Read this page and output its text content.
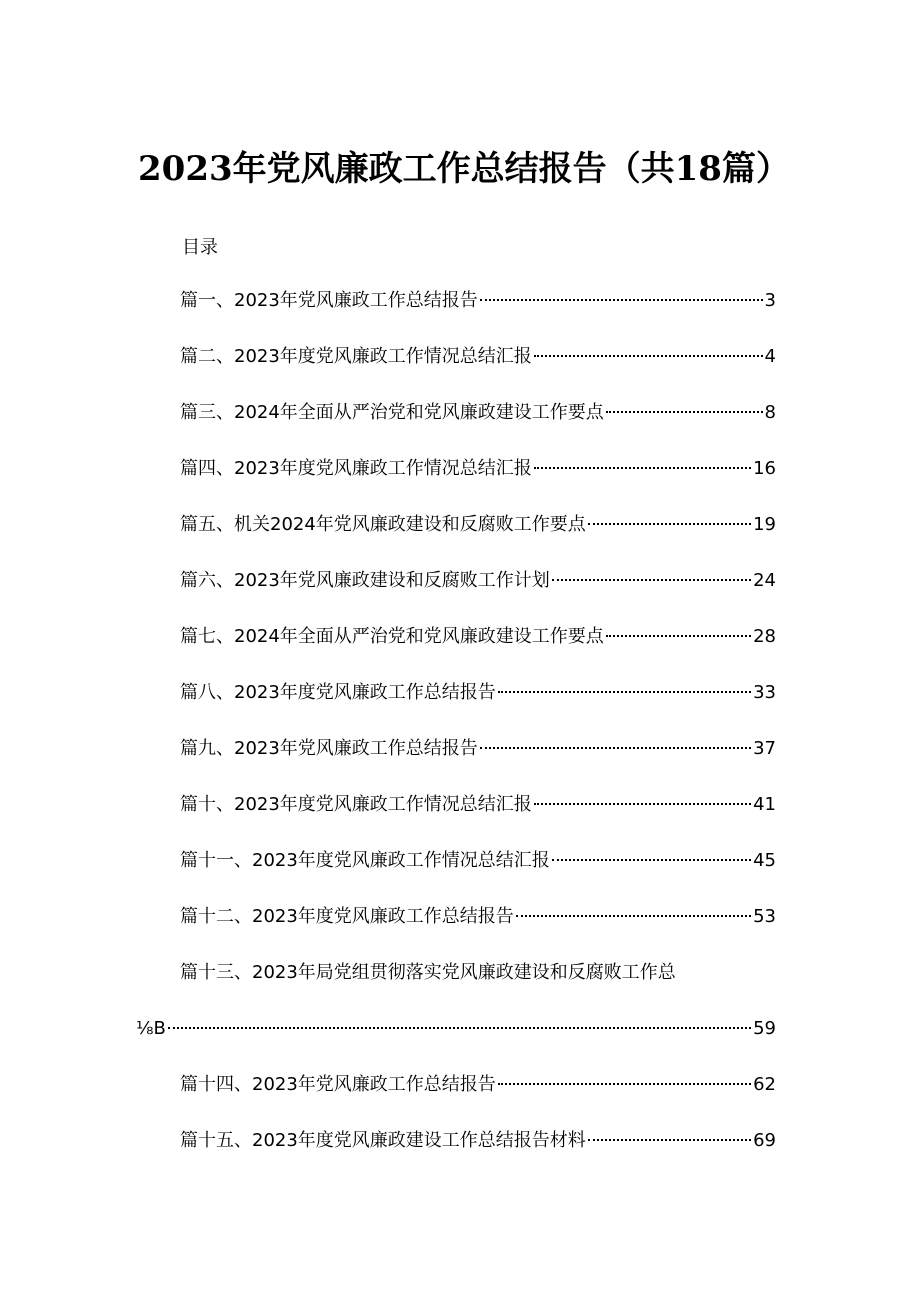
2023年党风廉政工作总结报告（共18篇）
目录
篇一、2023年党风廉政工作总结报告	3
篇二、2023年度党风廉政工作情况总结汇报	4
篇三、2024年全面从严治党和党风廉政建设工作要点	8
篇四、2023年度党风廉政工作情况总结汇报	16
篇五、机关2024年党风廉政建设和反腐败工作要点	19
篇六、2023年党风廉政建设和反腐败工作计划	24
篇七、2024年全面从严治党和党风廉政建设工作要点	28
篇八、2023年度党风廉政工作总结报告	33
篇九、2023年党风廉政工作总结报告	37
篇十、2023年度党风廉政工作情况总结汇报	41
篇十一、2023年度党风廉政工作情况总结汇报	45
篇十二、2023年度党风廉政工作总结报告	53
篇十三、2023年局党组贯彻落实党风廉政建设和反腐败工作总
⅛B	59
篇十四、2023年党风廉政工作总结报告	62
篇十五、2023年度党风廉政建设工作总结报告材料	69
